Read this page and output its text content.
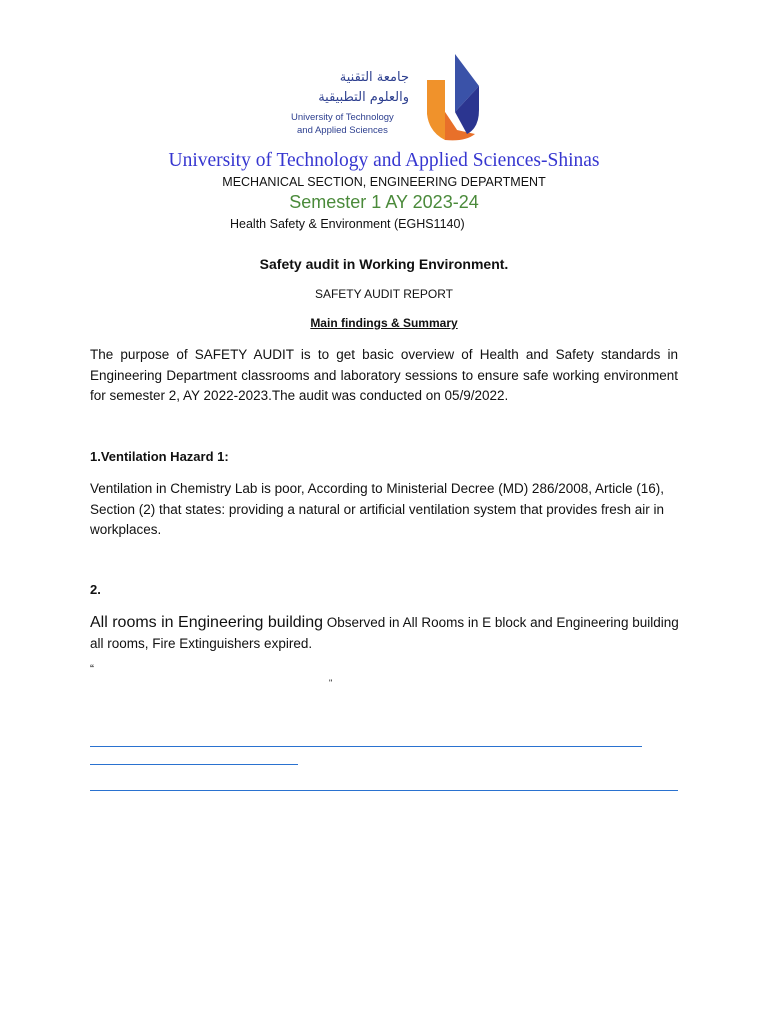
جامعة التقنية
والعلوم التطبيقية
University of Technology
and Applied Sciences
University of Technology and Applied Sciences-Shinas
MECHANICAL SECTION, ENGINEERING DEPARTMENT
Semester 1 AY 2023-24
Health Safety & Environment (EGHS1140)
Safety audit in Working Environment.
SAFETY AUDIT REPORT
Main findings & Summary
The purpose of SAFETY AUDIT is to get basic overview of Health and Safety standards in Engineering Department classrooms and laboratory sessions to ensure safe working environment for semester 2, AY 2022-2023.The audit was conducted on 05/9/2022.
1.Ventilation Hazard 1:
Ventilation in Chemistry Lab is poor, According to Ministerial Decree (MD) 286/2008, Article (16), Section (2) that states: providing a natural or artificial ventilation system that provides fresh air in workplaces.
2.
All rooms in Engineering building Observed in All Rooms in E block and Engineering building all rooms, Fire Extinguishers expired.
“
"
